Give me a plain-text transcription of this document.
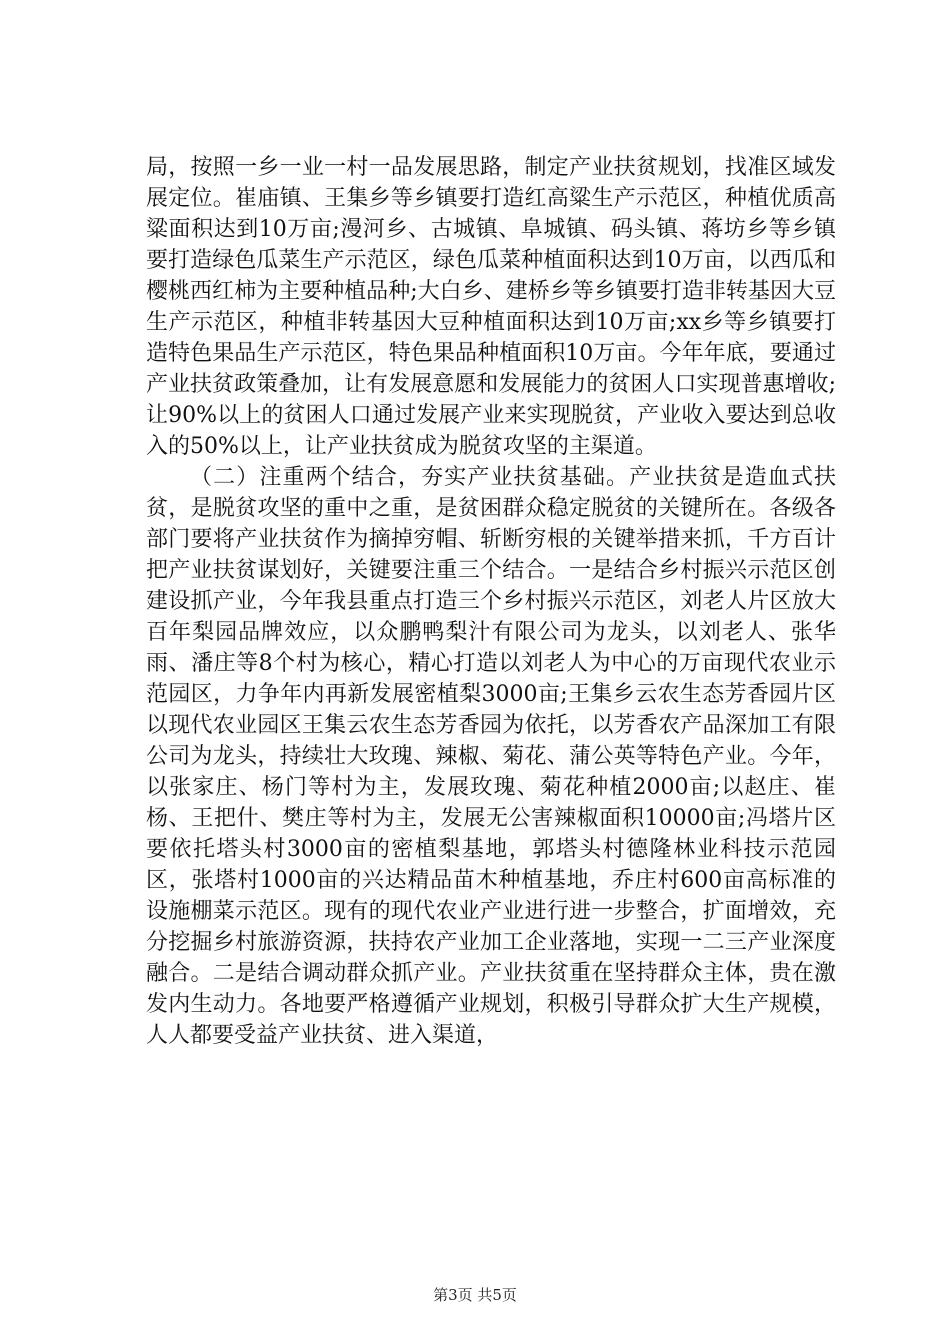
局，按照一乡一业一村一品发展思路，制定产业扶贫规划，找准区域发展定位。崔庙镇、王集乡等乡镇要打造红高粱生产示范区，种植优质高粱面积达到10万亩;漫河乡、古城镇、阜城镇、码头镇、蒋坊乡等乡镇要打造绿色瓜菜生产示范区，绿色瓜菜种植面积达到10万亩，以西瓜和樱桃西红柿为主要种植品种;大白乡、建桥乡等乡镇要打造非转基因大豆生产示范区，种植非转基因大豆种植面积达到10万亩;xx乡等乡镇要打造特色果品生产示范区，特色果品种植面积10万亩。今年年底，要通过产业扶贫政策叠加，让有发展意愿和发展能力的贫困人口实现普惠增收;让90%以上的贫困人口通过发展产业来实现脱贫，产业收入要达到总收入的50%以上，让产业扶贫成为脱贫攻坚的主渠道。

（二）注重两个结合，夯实产业扶贫基础。产业扶贫是造血式扶贫，是脱贫攻坚的重中之重，是贫困群众稳定脱贫的关键所在。各级各部门要将产业扶贫作为摘掉穷帽、斩断穷根的关键举措来抓，千方百计把产业扶贫谋划好，关键要注重三个结合。一是结合乡村振兴示范区创建设抓产业，今年我县重点打造三个乡村振兴示范区，刘老人片区放大百年梨园品牌效应，以众鹏鸭梨汁有限公司为龙头，以刘老人、张华雨、潘庄等8个村为核心，精心打造以刘老人为中心的万亩现代农业示范园区，力争年内再新发展密植梨3000亩;王集乡云农生态芳香园片区以现代农业园区王集云农生态芳香园为依托，以芳香农产品深加工有限公司为龙头，持续壮大玫瑰、辣椒、菊花、蒲公英等特色产业。今年，以张家庄、杨门等村为主，发展玫瑰、菊花种植2000亩;以赵庄、崔杨、王把什、樊庄等村为主，发展无公害辣椒面积10000亩;冯塔片区要依托塔头村3000亩的密植梨基地，郭塔头村德隆林业科技示范园区，张塔村1000亩的兴达精品苗木种植基地，乔庄村600亩高标准的设施棚菜示范区。现有的现代农业产业进行进一步整合，扩面增效，充分挖掘乡村旅游资源，扶持农产业加工企业落地，实现一二三产业深度融合。二是结合调动群众抓产业。产业扶贫重在坚持群众主体，贵在激发内生动力。各地要严格遵循产业规划，积极引导群众扩大生产规模，人人都要受益产业扶贫、进入渠道，

第3页 共5页
